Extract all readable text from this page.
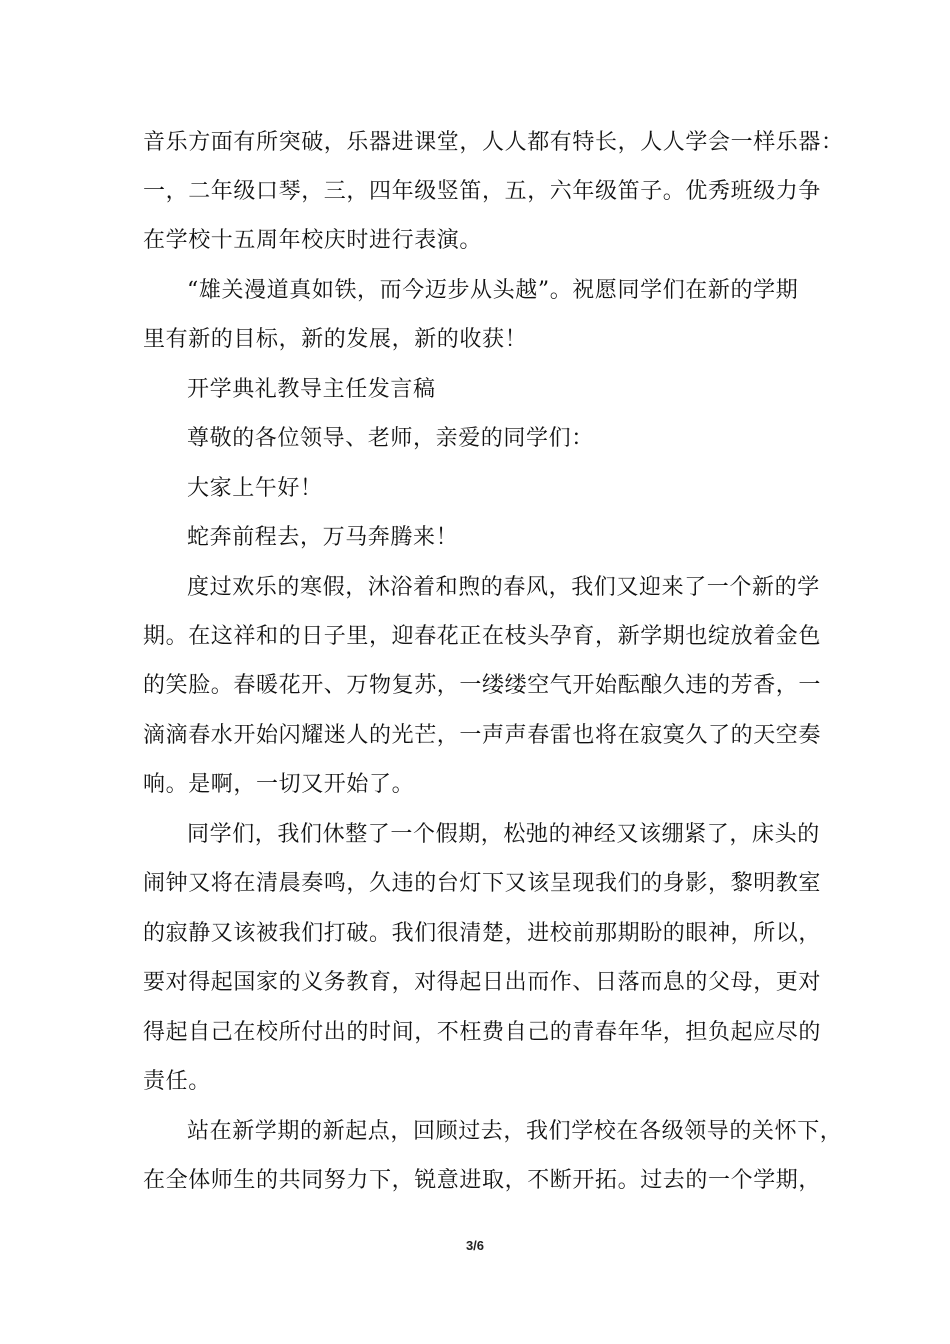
音乐方面有所突破，乐器进课堂，人人都有特长，人人学会一样乐器：
一，二年级口琴，三，四年级竖笛，五，六年级笛子。优秀班级力争
在学校十五周年校庆时进行表演。
“雄关漫道真如铁，而今迈步从头越”。祝愿同学们在新的学期
里有新的目标，新的发展，新的收获！
开学典礼教导主任发言稿
尊敬的各位领导、老师，亲爱的同学们：
大家上午好！
蛇奔前程去，万马奔腾来！
度过欢乐的寒假，沐浴着和煦的春风，我们又迎来了一个新的学
期。在这祥和的日子里，迎春花正在枝头孕育，新学期也绽放着金色
的笑脸。春暖花开、万物复苏，一缕缕空气开始酝酿久违的芳香，一
滴滴春水开始闪耀迷人的光芒，一声声春雷也将在寂寞久了的天空奏
响。是啊，一切又开始了。
同学们，我们休整了一个假期，松弛的神经又该绷紧了，床头的
闹钟又将在清晨奏鸣，久违的台灯下又该呈现我们的身影，黎明教室
的寂静又该被我们打破。我们很清楚，进校前那期盼的眼神，所以，
要对得起国家的义务教育，对得起日出而作、日落而息的父母，更对
得起自己在校所付出的时间，不枉费自己的青春年华，担负起应尽的
责任。
站在新学期的新起点，回顾过去，我们学校在各级领导的关怀下，
在全体师生的共同努力下，锐意进取，不断开拓。过去的一个学期，
3/6
